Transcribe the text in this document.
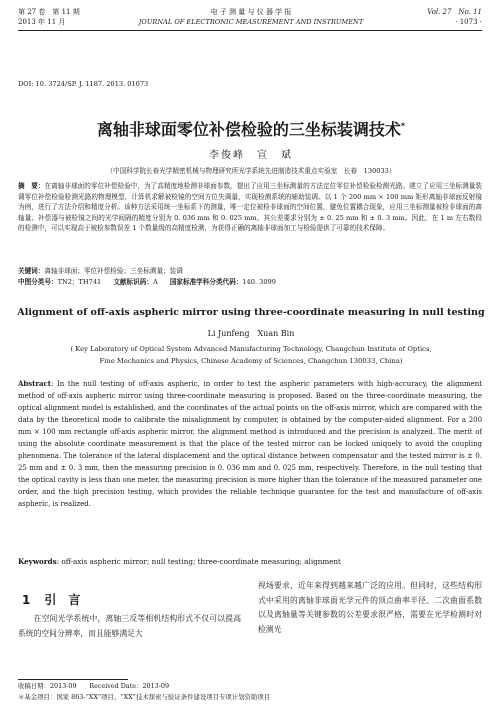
第 27 卷　第 11 期
2013 年 11 月
电 子 测 量 与 仪 器 学 报
JOURNAL OF ELECTRONIC MEASUREMENT AND INSTRUMENT
Vol. 27　No. 11
· 1073 ·
DOI: 10. 3724/SP. J. 1187. 2013. 01073
离轴非球面零位补偿检验的三坐标装调技术*
李俊峰　宣　斌
（中国科学院长春光学精密机械与物理研究所光学系统先进制造技术重点实验室　长春　130033）
摘　要：在离轴非球面的零位补偿检验中，为了高精度地检测非球面参数，提出了应用三坐标测量的方法定位零位补偿检验检测光路。建立了应用三坐标测量装调零位补偿检验检测光路的物理模型，计算机求解被检镜的空间方位失调量，实现检测系统的辅助装调。以 1 个 200 mm × 100 mm 矩形离轴非球面反射镜为例，进行了方法介绍和精度分析。该种方法采用统一坐标系下的测量，唯一定位被检非球面的空间位置，避免位置耦合现象，应用三坐标测量被检非球面的离轴量、补偿器与被检镜之间的光学间隔的精度分别为 0. 036 mm 和 0. 025 mm，其公差要求分别为 ± 0. 25 mm 和 ± 0. 3 mm。因此，在 1 m 左右数段的检测中，可以实现高于被检参数误差 1 个数量级的高精度检测，为获得正确的离轴非球面加工与检验提供了可靠的技术保障。
关键词：离轴非球面；零位补偿检验；三坐标测量；装调
中图分类号：TN2；TH741 文献标识码：A 国家标准学科分类代码：140. 3099
Alignment of off-axis aspheric mirror using three-coordinate measuring in null testing
Li Junfeng　Xuan Bin
( Key Laboratory of Optical System Advanced Manufacturing Technology, Changchun Institute of Optics,
Fine Mechanics and Physics, Chinese Academy of Sciences, Changchun 130033, China)
Abstract: In the null testing of off-axis aspheric, in order to test the aspheric parameters with high-accuracy, the alignment method of off-axis aspheric mirror using three-coordinate measuring is proposed. Based on the three-coordinate measuring, the optical alignment model is established, and the coordinates of the actual points on the off-axis mirror, which are compared with the data by the theoretical mode to calibrate the misalignment by computer, is obtained by the computer-aided alignment. For a 200 mm × 100 mm rectangle off-axis aspheric mirror, the alignment method is introduced and the precision is analyzed. The merit of using the absolute coordinate measurement is that the place of the tested mirror can be locked uniquely to avoid the coupling phenomena. The tolerance of the lateral displacement and the optical distance between compensator and the tested mirror is ± 0. 25 mm and ± 0. 3 mm, then the measuring precision is 0. 036 mm and 0. 025 mm, respectively. Therefore, in the null testing that the optical cavity is less than one meter, the measuring precision is more higher than the tolerance of the measured parameter one order, and the high precision testing, which provides the reliable technique guarantee for the test and manufacture of off-axis aspheric, is realized.
Keywords: off-axis aspheric mirror; null testing; three-coordinate measuring; alignment
1 引　言
在空间光学系统中，离轴三反等相机结构形式不仅可以提高系统的空间分辨率，而且能够满足大
视场要求，近年来得到越来越广泛的应用。但同时，这些结构形式中采用的离轴非球面光学元件的顶点曲率半径、二次曲面系数以及离轴量等关键参数的公差要求很严格，需要在光学检测时对检测光
收稿日期：2013-09　　Received Date：2013-09
＊基金项目：国家 863-“XX”项目、“XX”技术探索与验证条件建设项目专项计划资助项目
